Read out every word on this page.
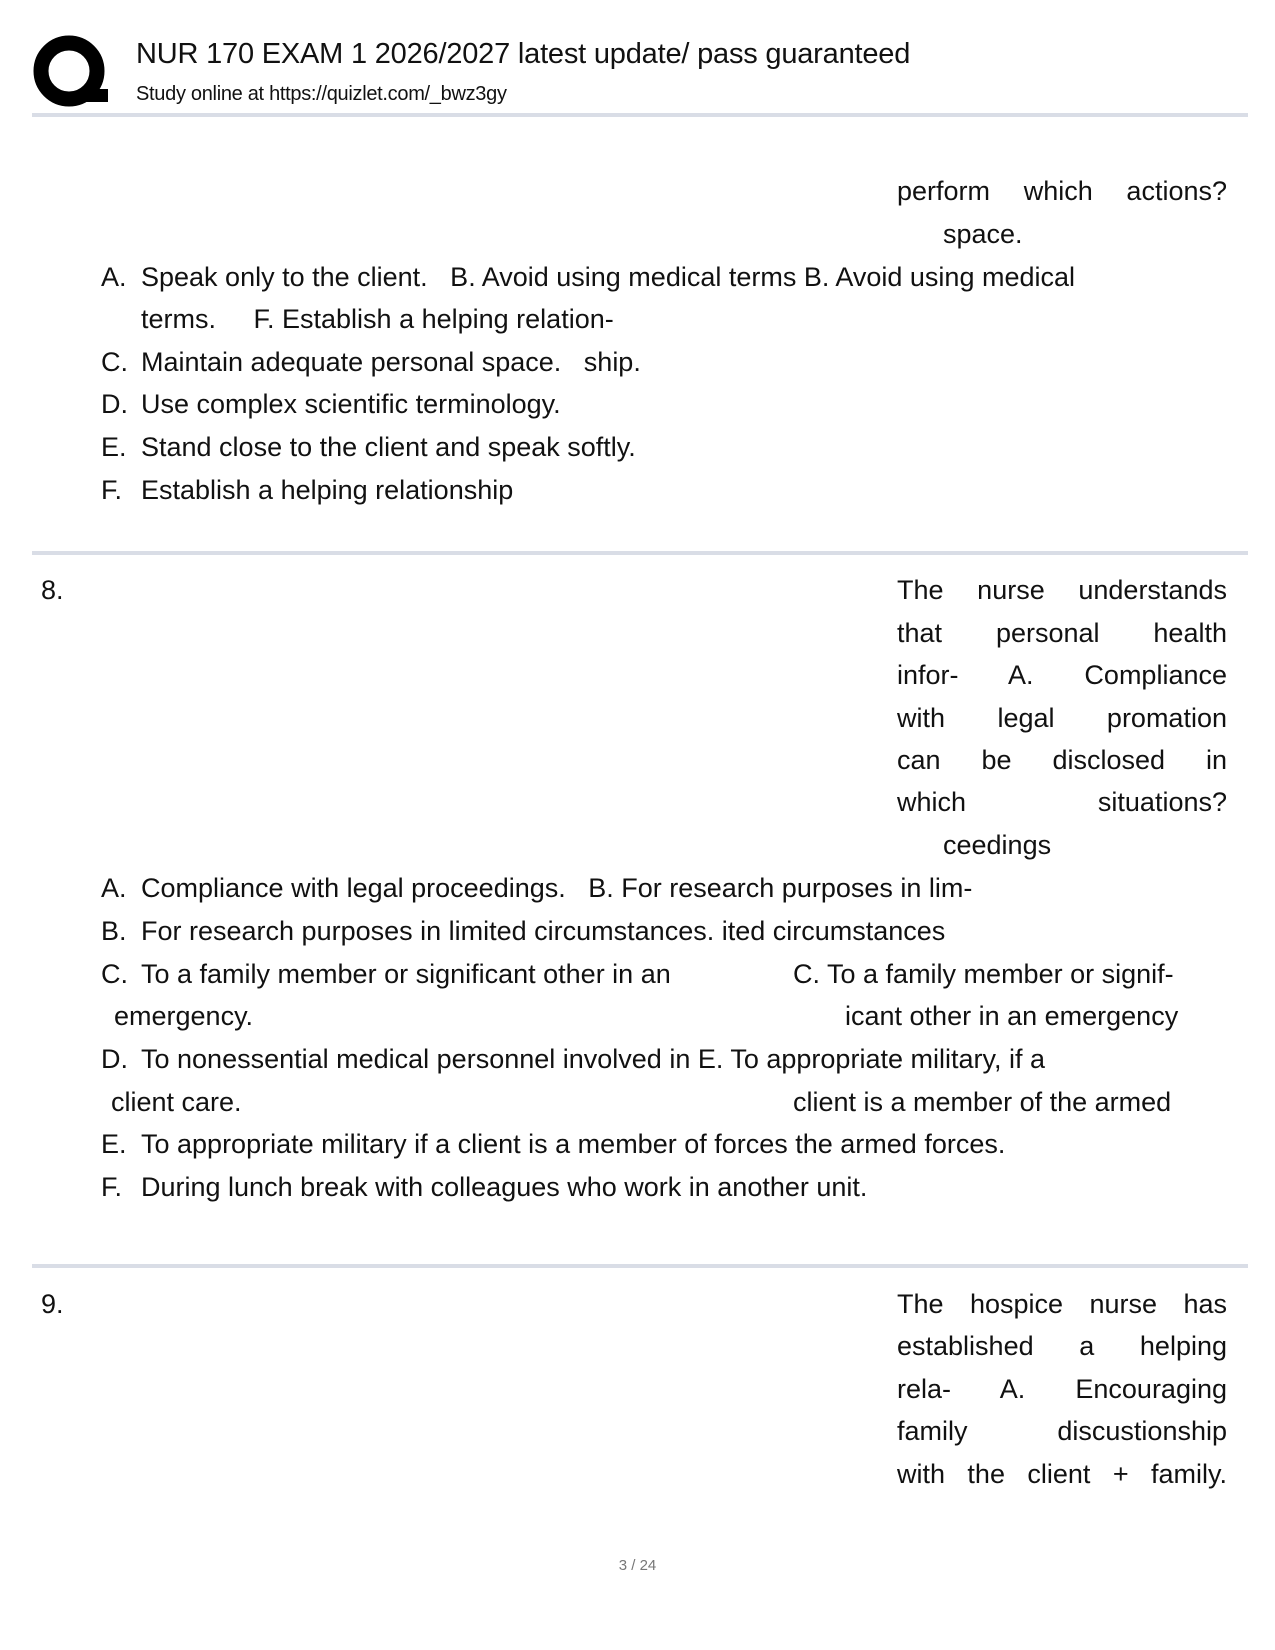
NUR 170 EXAM 1 2026/2027 latest update/ pass guaranteed
Study online at https://quizlet.com/_bwz3gy
perform which actions?
space.
A. Speak only to the client.   B. Avoid using medical terms B. Avoid using medical
terms.     F. Establish a helping relation-
C. Maintain adequate personal space.   ship.
D. Use complex scientific terminology.
E. Stand close to the client and speak softly.
F. Establish a helping relationship
8.	The nurse understands
that personal health
infor- A. Compliance
with legal promation
can be disclosed in
which situations?
ceedings
A. Compliance with legal proceedings.   B. For research purposes in lim-
B. For research purposes in limited circumstances. ited circumstances
C. To a family member or significant other in an	C. To a family member or signif-
emergency.	icant other in an emergency
D. To nonessential medical personnel involved in E. To appropriate military, if a
client care.	client is a member of the armed
E. To appropriate military if a client is a member of forces the armed forces.
F. During lunch break with colleagues who work in another unit.
9.	The hospice nurse has
established a helping
rela- A. Encouraging
family discustionship
with the client + family.
3 / 24
